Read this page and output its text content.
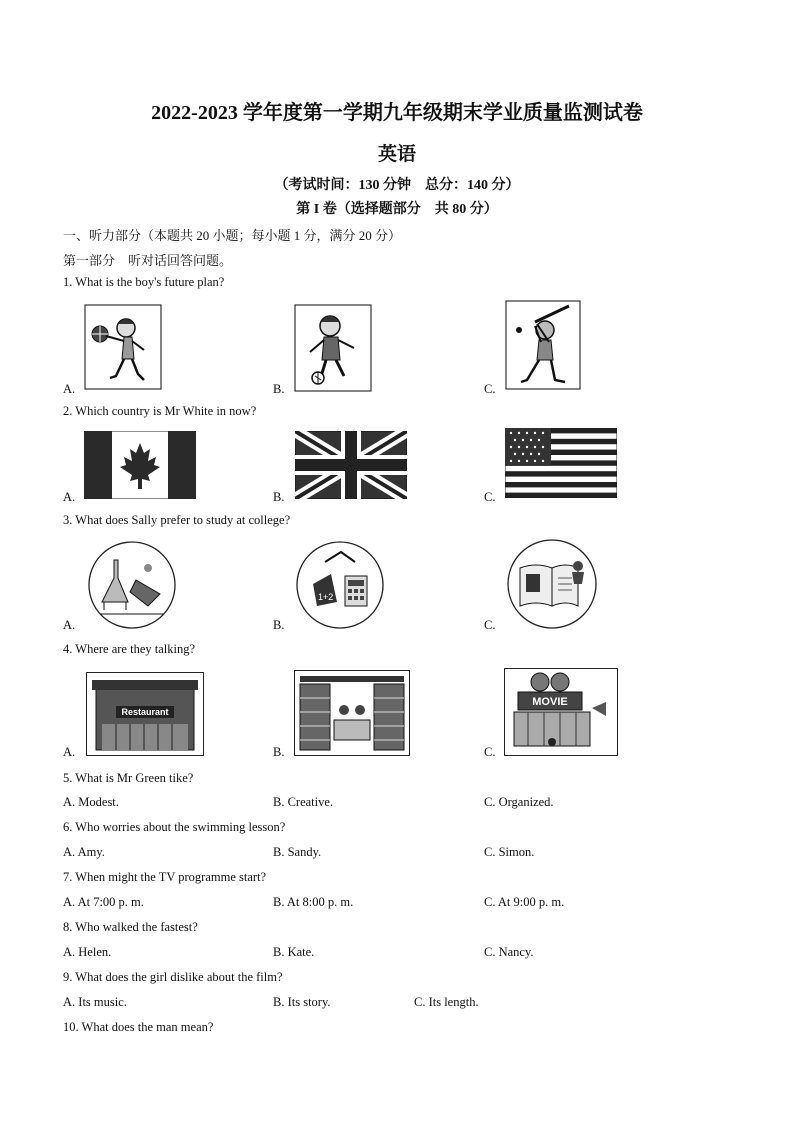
2022-2023 学年度第一学期九年级期末学业质量监测试卷
英语
（考试时间：130 分钟　总分：140 分）
第 I 卷（选择题部分　共 80 分）
一、听力部分（本题共 20 小题；每小题 1 分，满分 20 分）
第一部分　听对话回答问题。
1. What is the boy's future plan?
A.	B.	C.
2. Which country is Mr White in now?
A.	B.	C.
3. What does Sally prefer to study at college?
A.
1+2
B.	C.
4. Where are they talking?
Restaurant
A.	B.
MOVIE
C.
5. What is Mr Green tike?
A. Modest.	B. Creative.	C. Organized.
6. Who worries about the swimming lesson?
A. Amy.	B. Sandy.	C. Simon.
7. When might the TV programme start?
A. At 7:00 p. m.	B. At 8:00 p. m.	C. At 9:00 p. m.
8. Who walked the fastest?
A. Helen.	B. Kate.	C. Nancy.
9. What does the girl dislike about the film?
A. Its music.	B. Its story.	C. Its length.
10. What does the man mean?
